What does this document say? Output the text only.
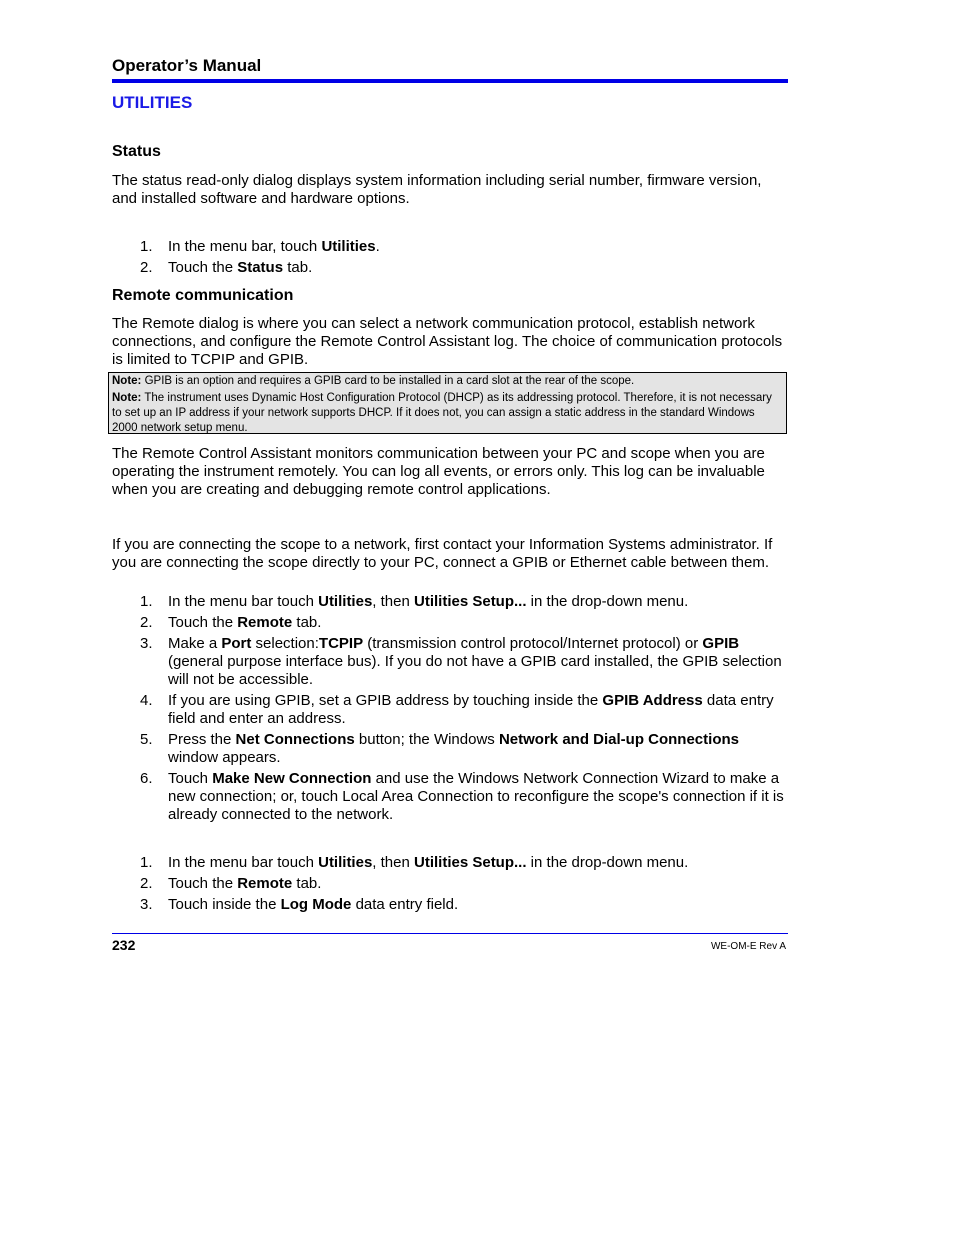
Operator’s Manual
UTILITIES
Status
The status read-only dialog displays system information including serial number, firmware version, and installed software and hardware options.
1. In the menu bar, touch Utilities.
2. Touch the Status tab.
Remote communication
The Remote dialog is where you can select a network communication protocol, establish network connections, and configure the Remote Control Assistant log. The choice of communication protocols is limited to TCPIP and GPIB.

Note: GPIB is an option and requires a GPIB card to be installed in a card slot at the rear of the scope.

Note: The instrument uses Dynamic Host Configuration Protocol (DHCP) as its addressing protocol. Therefore, it is not necessary to set up an IP address if your network supports DHCP. If it does not, you can assign a static address in the standard Windows 2000 network setup menu.

The Remote Control Assistant monitors communication between your PC and scope when you are operating the instrument remotely. You can log all events, or errors only. This log can be invaluable when you are creating and debugging remote control applications.
If you are connecting the scope to a network, first contact your Information Systems administrator. If you are connecting the scope directly to your PC, connect a GPIB or Ethernet cable between them.
1. In the menu bar touch Utilities, then Utilities Setup... in the drop-down menu.
2. Touch the Remote tab.
3. Make a Port selection:TCPIP (transmission control protocol/Internet protocol) or GPIB (general purpose interface bus). If you do not have a GPIB card installed, the GPIB selection will not be accessible.
4. If you are using GPIB, set a GPIB address by touching inside the GPIB Address data entry field and enter an address.
5. Press the Net Connections button; the Windows Network and Dial-up Connections window appears.
6. Touch Make New Connection and use the Windows Network Connection Wizard to make a new connection; or, touch Local Area Connection to reconfigure the scope's connection if it is already connected to the network.
1. In the menu bar touch Utilities, then Utilities Setup... in the drop-down menu.
2. Touch the Remote tab.
3. Touch inside the Log Mode data entry field.
232	WE-OM-E Rev A
